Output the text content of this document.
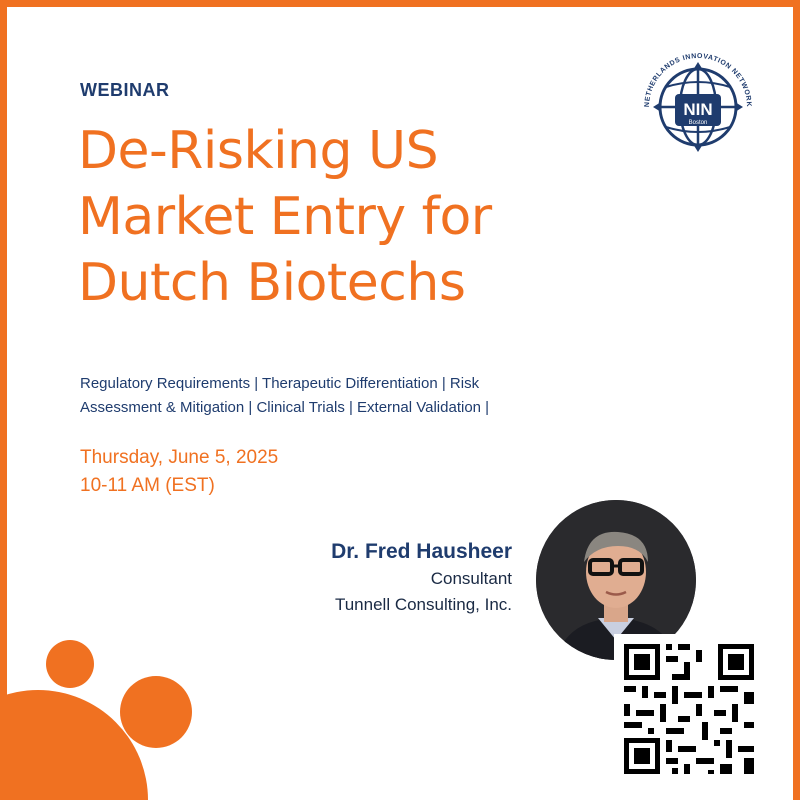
WEBINAR
De-Risking US
Market Entry for
Dutch Biotechs
Regulatory Requirements | Therapeutic Differentiation | Risk
Assessment & Mitigation | Clinical Trials | External Validation |
Thursday, June 5, 2025
10-11 AM (EST)
Dr. Fred Hausheer
Consultant
Tunnell Consulting, Inc.
NIN
Boston
NETHERLANDS INNOVATION NETWORK
